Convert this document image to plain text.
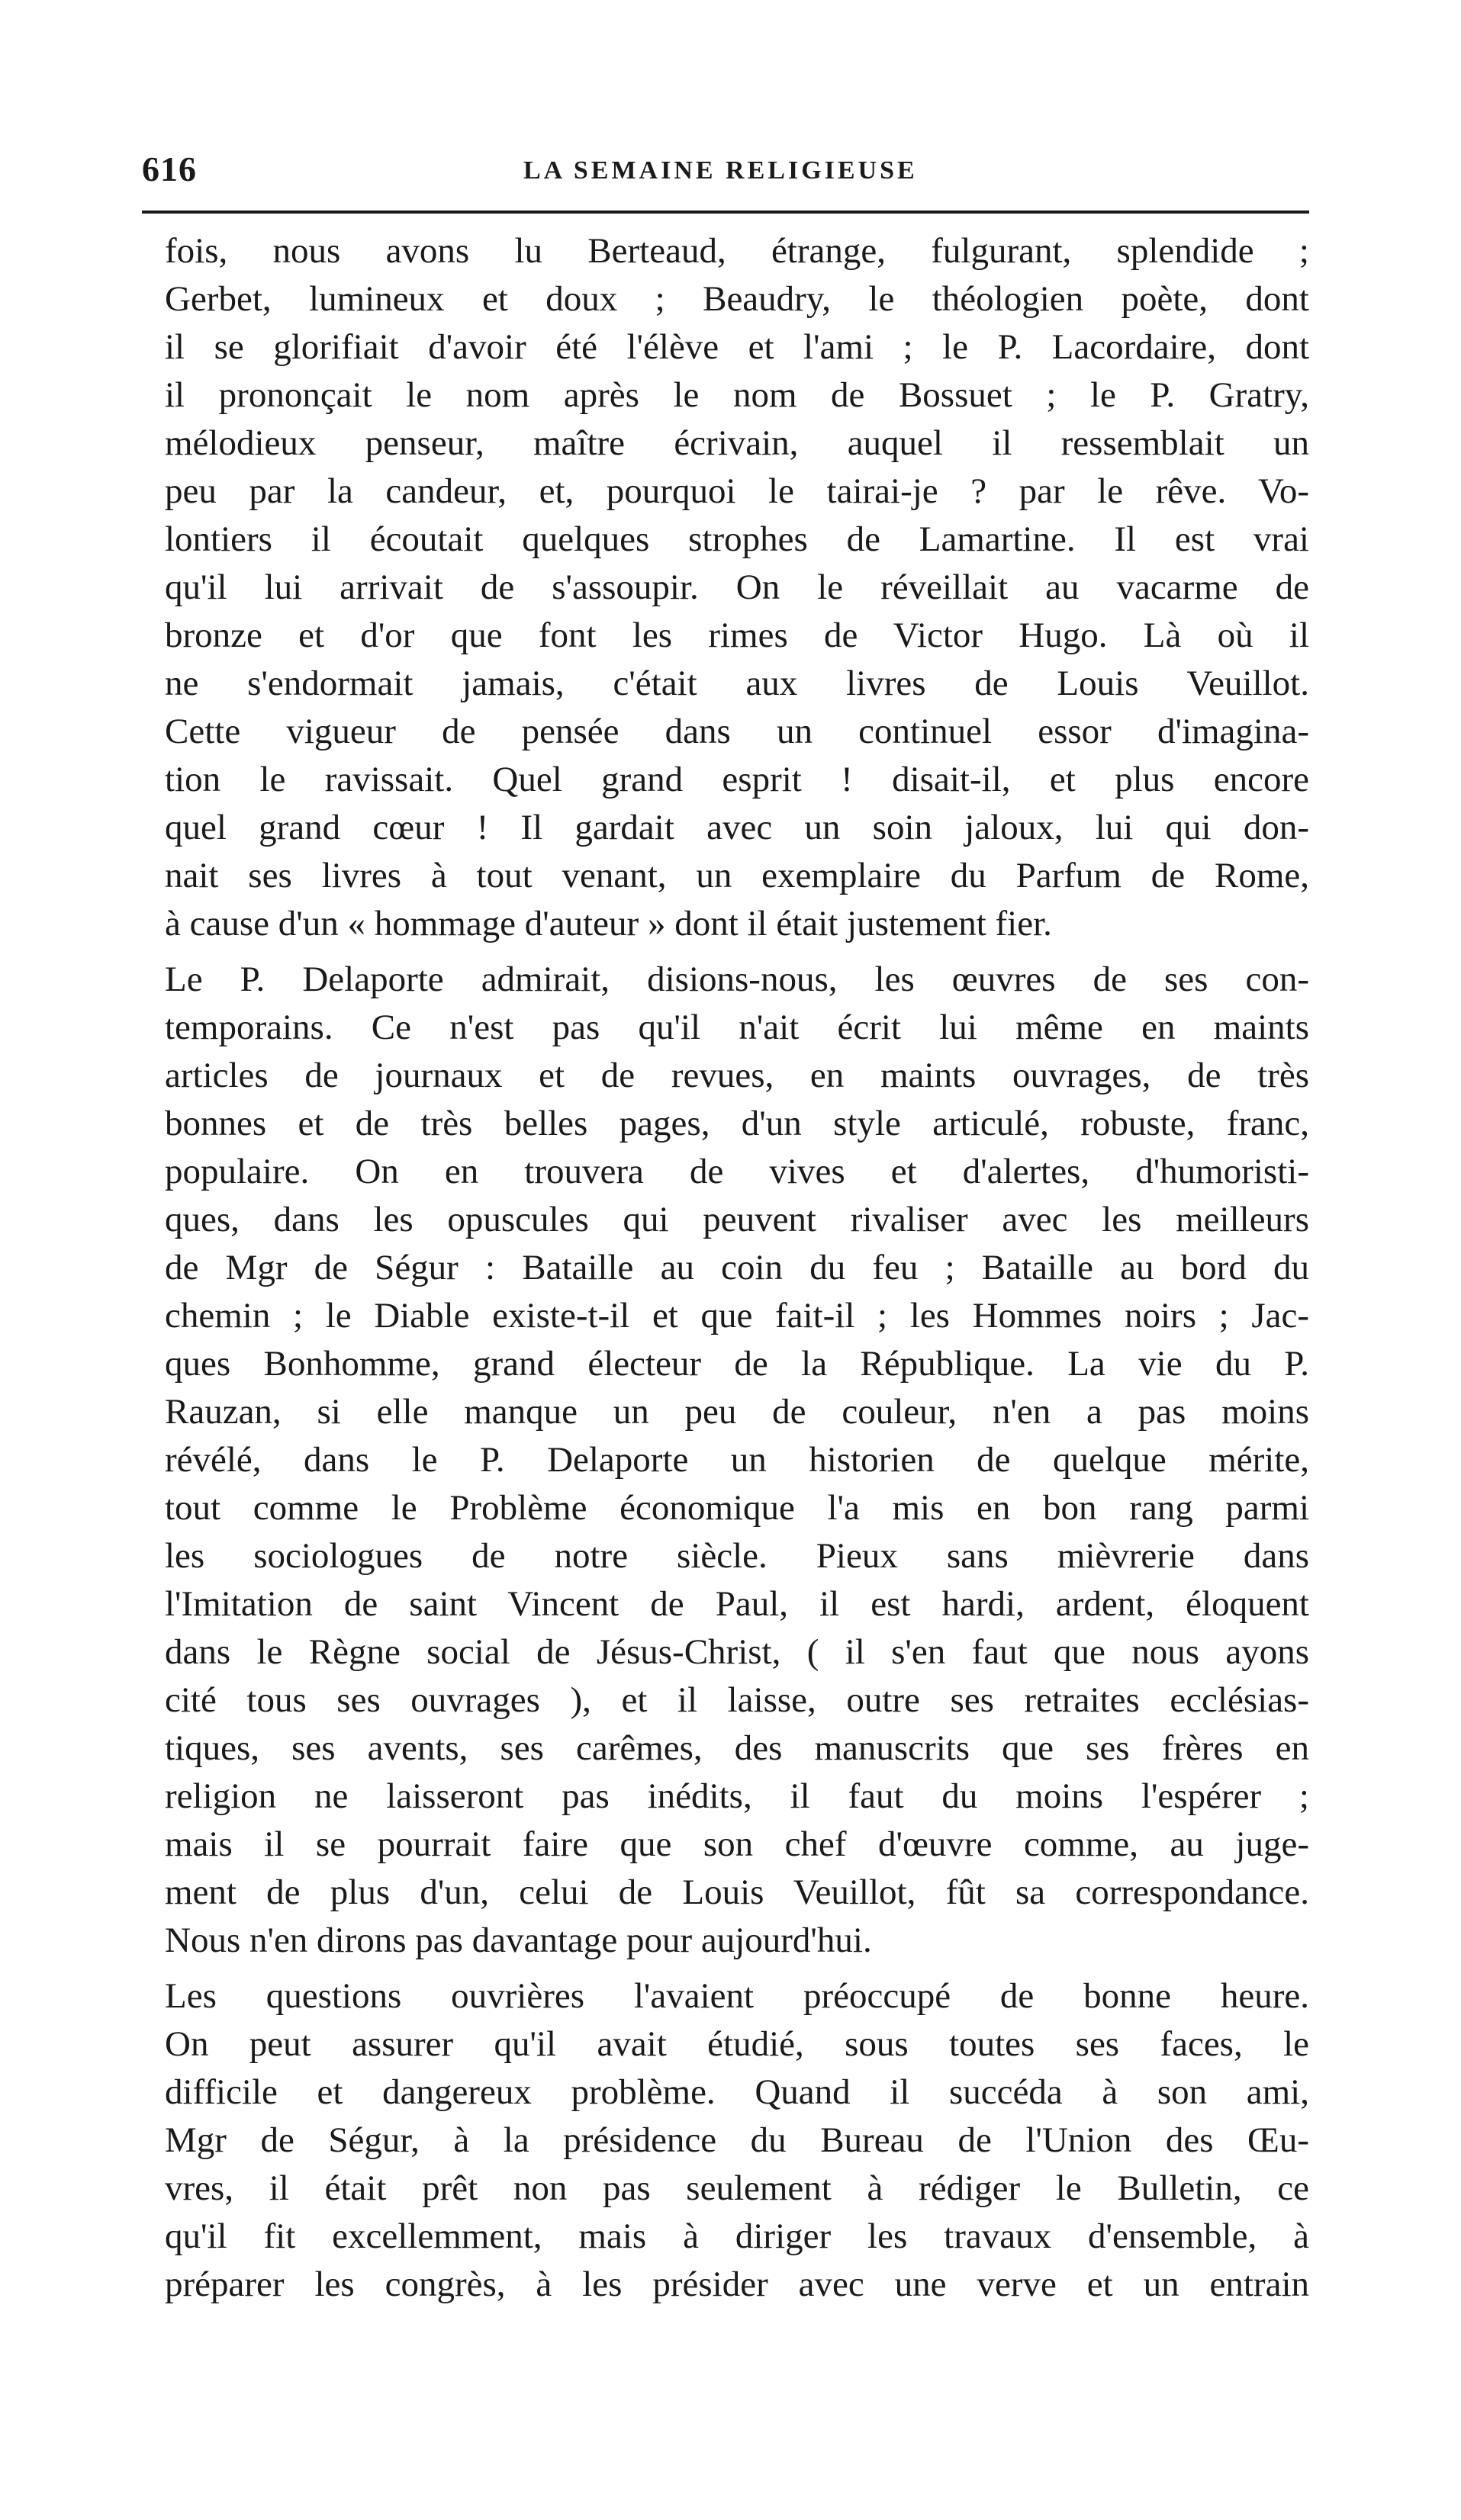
616	LA SEMAINE RELIGIEUSE
fois, nous avons lu Berteaud, étrange, fulgurant, splendide ;
Gerbet, lumineux et doux ; Beaudry, le théologien poète, dont
il se glorifiait d'avoir été l'élève et l'ami ; le P. Lacordaire, dont
il prononçait le nom après le nom de Bossuet ; le P. Gratry,
mélodieux penseur, maître écrivain, auquel il ressemblait un
peu par la candeur, et, pourquoi le tairai-je ? par le rêve. Vo-
lontiers il écoutait quelques strophes de Lamartine. Il est vrai
qu'il lui arrivait de s'assoupir. On le réveillait au vacarme de
bronze et d'or que font les rimes de Victor Hugo. Là où il
ne s'endormait jamais, c'était aux livres de Louis Veuillot.
Cette vigueur de pensée dans un continuel essor d'imagina-
tion le ravissait. Quel grand esprit ! disait-il, et plus encore
quel grand cœur ! Il gardait avec un soin jaloux, lui qui don-
nait ses livres à tout venant, un exemplaire du Parfum de Rome,
à cause d'un « hommage d'auteur » dont il était justement fier.
Le P. Delaporte admirait, disions-nous, les œuvres de ses con-
temporains. Ce n'est pas qu'il n'ait écrit lui même en maints
articles de journaux et de revues, en maints ouvrages, de très
bonnes et de très belles pages, d'un style articulé, robuste, franc,
populaire. On en trouvera de vives et d'alertes, d'humoristi-
ques, dans les opuscules qui peuvent rivaliser avec les meilleurs
de Mgr de Ségur : Bataille au coin du feu ; Bataille au bord du
chemin ; le Diable existe-t-il et que fait-il ; les Hommes noirs ; Jac-
ques Bonhomme, grand électeur de la République. La vie du P.
Rauzan, si elle manque un peu de couleur, n'en a pas moins
révélé, dans le P. Delaporte un historien de quelque mérite,
tout comme le Problème économique l'a mis en bon rang parmi
les sociologues de notre siècle. Pieux sans mièvrerie dans
l'Imitation de saint Vincent de Paul, il est hardi, ardent, éloquent
dans le Règne social de Jésus-Christ, ( il s'en faut que nous ayons
cité tous ses ouvrages ), et il laisse, outre ses retraites ecclésias-
tiques, ses avents, ses carêmes, des manuscrits que ses frères en
religion ne laisseront pas inédits, il faut du moins l'espérer ;
mais il se pourrait faire que son chef d'œuvre comme, au juge-
ment de plus d'un, celui de Louis Veuillot, fût sa correspondance.
Nous n'en dirons pas davantage pour aujourd'hui.
Les questions ouvrières l'avaient préoccupé de bonne heure.
On peut assurer qu'il avait étudié, sous toutes ses faces, le
difficile et dangereux problème. Quand il succéda à son ami,
Mgr de Ségur, à la présidence du Bureau de l'Union des Œu-
vres, il était prêt non pas seulement à rédiger le Bulletin, ce
qu'il fit excellemment, mais à diriger les travaux d'ensemble, à
préparer les congrès, à les présider avec une verve et un entrain
